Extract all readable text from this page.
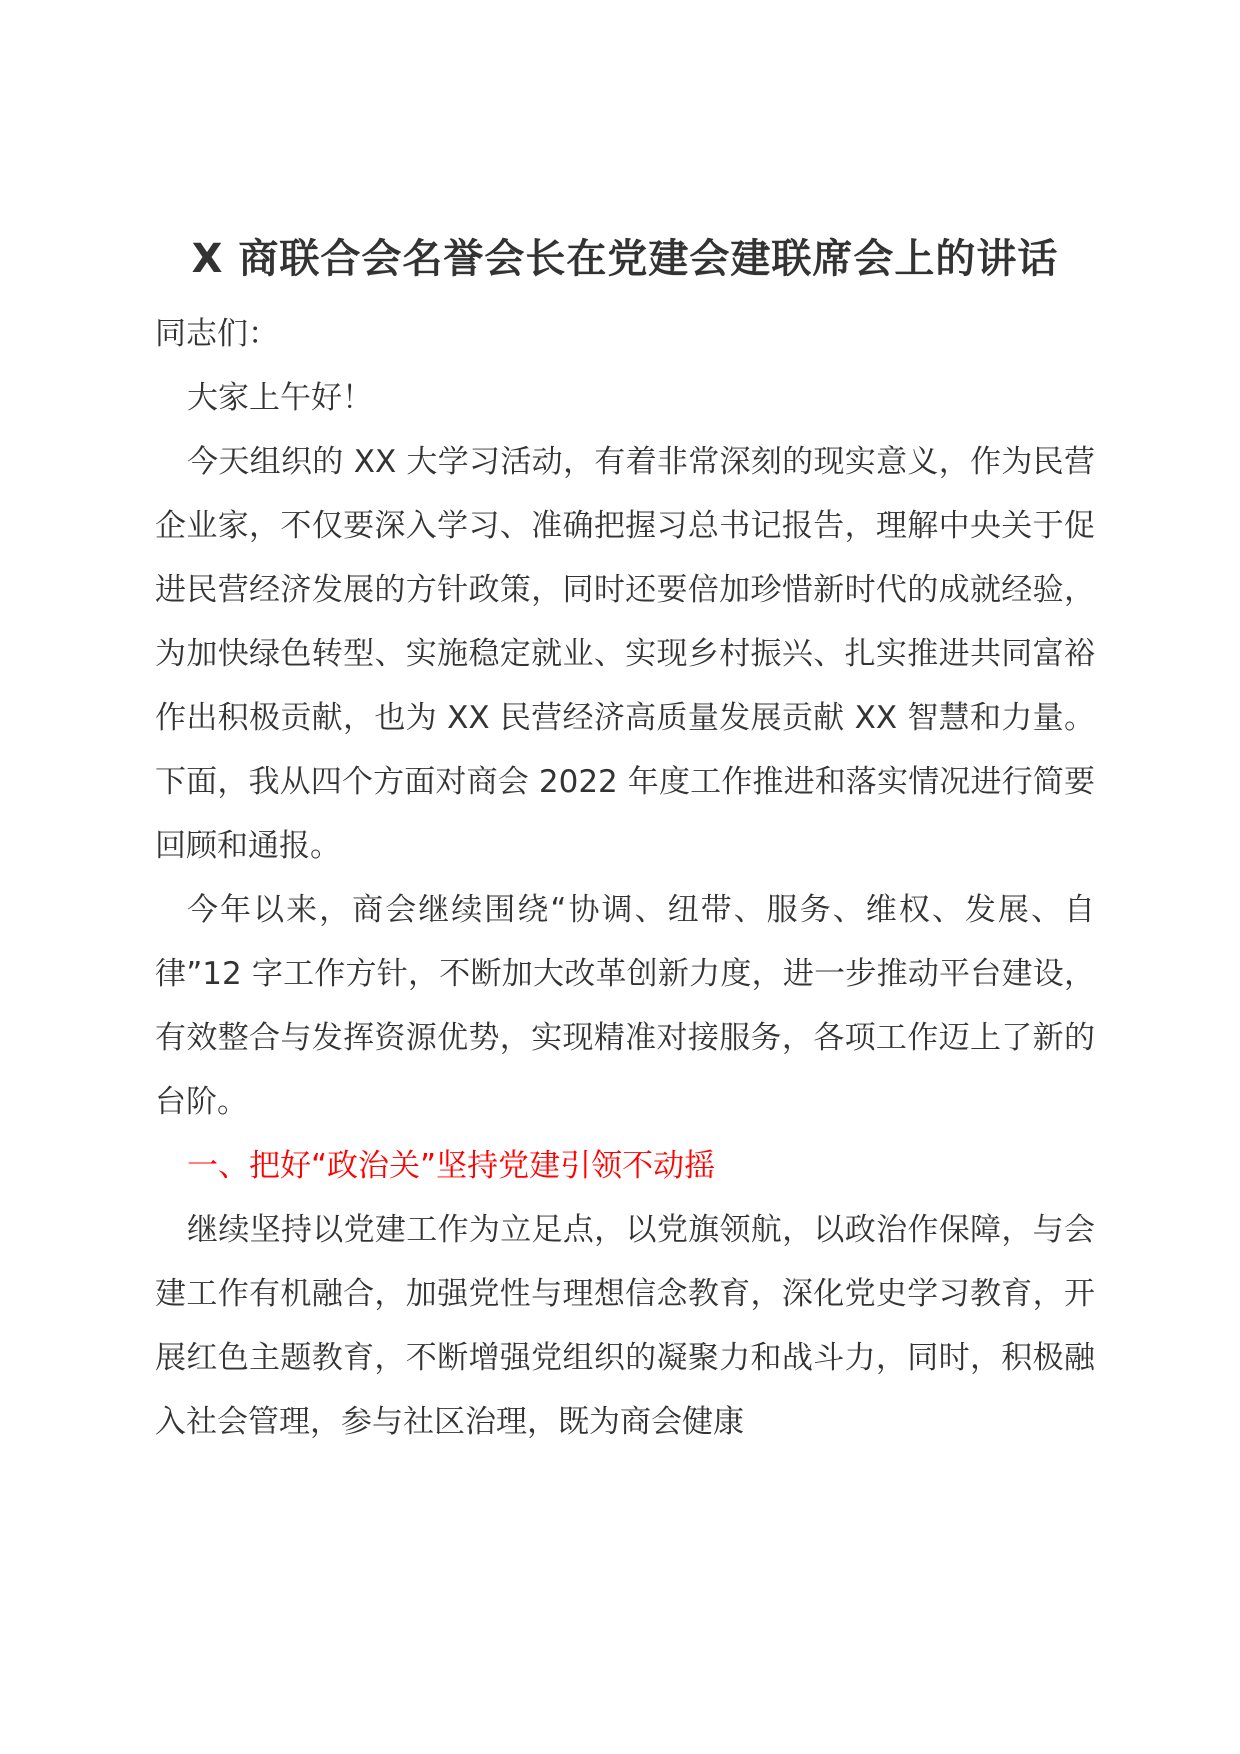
X 商联合会名誉会长在党建会建联席会上的讲话

同志们：

大家上午好！

今天组织的 XX 大学习活动，有着非常深刻的现实意义，作为民营企业家，不仅要深入学习、准确把握习总书记报告，理解中央关于促进民营经济发展的方针政策，同时还要倍加珍惜新时代的成就经验，为加快绿色转型、实施稳定就业、实现乡村振兴、扎实推进共同富裕作出积极贡献，也为 XX 民营经济高质量发展贡献 XX 智慧和力量。下面，我从四个方面对商会 2022 年度工作推进和落实情况进行简要回顾和通报。

今年以来，商会继续围绕“协调、纽带、服务、维权、发展、自律”12 字工作方针，不断加大改革创新力度，进一步推动平台建设，有效整合与发挥资源优势，实现精准对接服务，各项工作迈上了新的台阶。

一、把好“政治关”坚持党建引领不动摇

继续坚持以党建工作为立足点，以党旗领航，以政治作保障，与会建工作有机融合，加强党性与理想信念教育，深化党史学习教育，开展红色主题教育，不断增强党组织的凝聚力和战斗力，同时，积极融入社会管理，参与社区治理，既为商会健康
